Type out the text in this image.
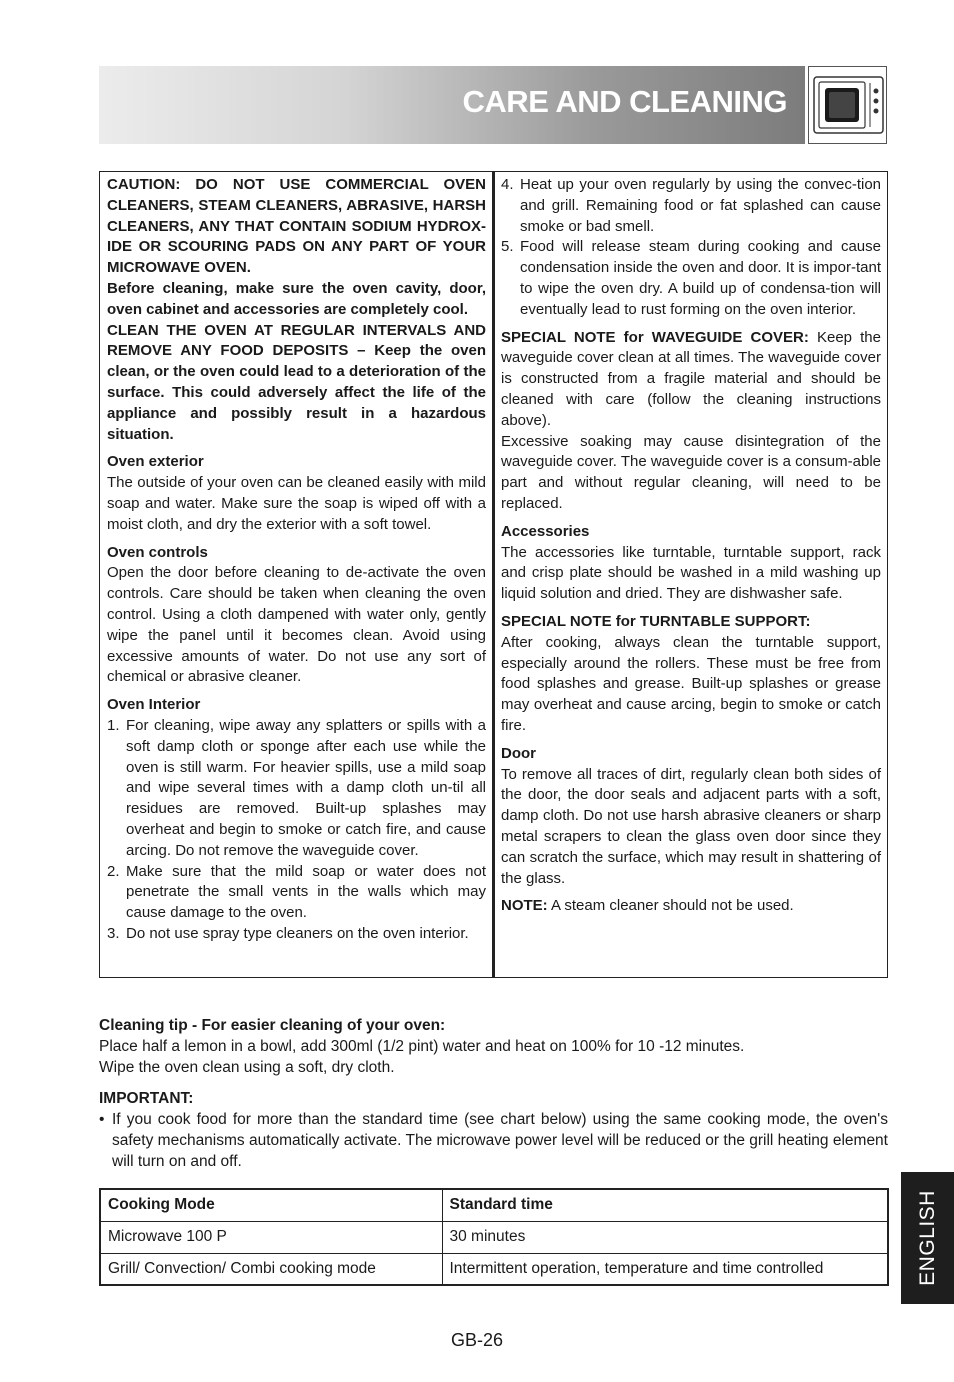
CARE AND CLEANING

CAUTION: DO NOT USE COMMERCIAL OVEN CLEANERS, STEAM CLEANERS, ABRASIVE, HARSH CLEANERS, ANY THAT CONTAIN SODIUM HYDROX-IDE OR SCOURING PADS ON ANY PART OF YOUR MICROWAVE OVEN.

Before cleaning, make sure the oven cavity, door, oven cabinet and accessories are completely cool.

CLEAN THE OVEN AT REGULAR INTERVALS AND REMOVE ANY FOOD DEPOSITS – Keep the oven clean, or the oven could lead to a deterioration of the surface. This could adversely affect the life of the appliance and possibly result in a hazardous situation.

Oven exterior

The outside of your oven can be cleaned easily with mild soap and water. Make sure the soap is wiped off with a moist cloth, and dry the exterior with a soft towel.

Oven controls

Open the door before cleaning to de-activate the oven controls. Care should be taken when cleaning the oven control. Using a cloth dampened with water only, gently wipe the panel until it becomes clean. Avoid using excessive amounts of water. Do not use any sort of chemical or abrasive cleaner.

Oven Interior

1. For cleaning, wipe away any splatters or spills with a soft damp cloth or sponge after each use while the oven is still warm. For heavier spills, use a mild soap and wipe several times with a damp cloth un-til all residues are removed. Built-up splashes may overheat and begin to smoke or catch fire, and cause arcing. Do not remove the waveguide cover.

2. Make sure that the mild soap or water does not penetrate the small vents in the walls which may cause damage to the oven.

3. Do not use spray type cleaners on the oven interior.

4. Heat up your oven regularly by using the convec-tion and grill. Remaining food or fat splashed can cause smoke or bad smell.

5. Food will release steam during cooking and cause condensation inside the oven and door. It is impor-tant to wipe the oven dry. A build up of condensa-tion will eventually lead to rust forming on the oven interior.

SPECIAL NOTE for WAVEGUIDE COVER: Keep the waveguide cover clean at all times. The waveguide cover is constructed from a fragile material and should be cleaned with care (follow the cleaning instructions above).

Excessive soaking may cause disintegration of the waveguide cover. The waveguide cover is a consum-able part and without regular cleaning, will need to be replaced.

Accessories

The accessories like turntable, turntable support, rack and crisp plate should be washed in a mild washing up liquid solution and dried. They are dishwasher safe.

SPECIAL NOTE for TURNTABLE SUPPORT:

After cooking, always clean the turntable support, especially around the rollers. These must be free from food splashes and grease. Built-up splashes or grease may overheat and cause arcing, begin to smoke or catch fire.

Door

To remove all traces of dirt, regularly clean both sides of the door, the door seals and adjacent parts with a soft, damp cloth. Do not use harsh abrasive cleaners or sharp metal scrapers to clean the glass oven door since they can scratch the surface, which may result in shattering of the glass.

NOTE: A steam cleaner should not be used.

Cleaning tip - For easier cleaning of your oven:

Place half a lemon in a bowl, add 300ml (1/2 pint) water and heat on 100% for 10 -12 minutes.

Wipe the oven clean using a soft, dry cloth.

IMPORTANT:

• If you cook food for more than the standard time (see chart below) using the same cooking mode, the oven's safety mechanisms automatically activate. The microwave power level will be reduced or the grill heating element will turn on and off.

Cooking Mode	Standard time
Microwave 100 P	30 minutes
Grill/ Convection/ Combi cooking mode	Intermittent operation, temperature and time controlled	ENGLISH
GB-26
